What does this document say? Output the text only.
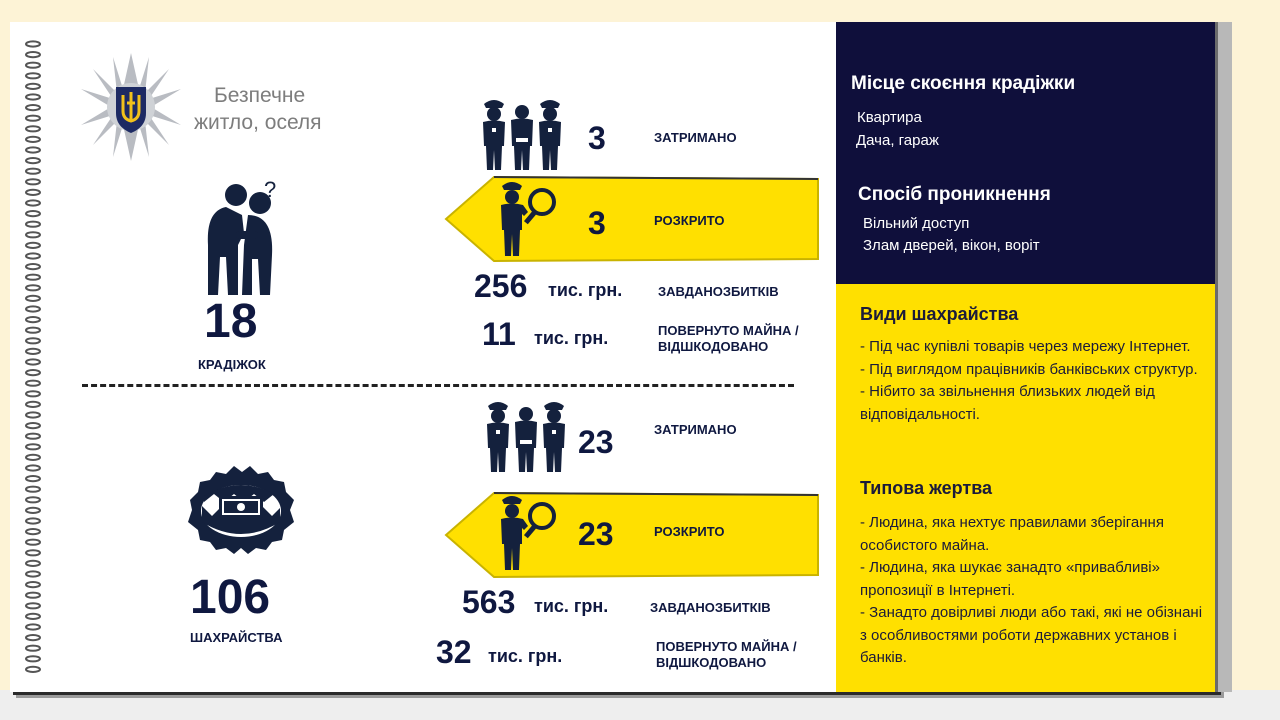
Безпечне
житло, оселя
?
18
КРАДІЖОК
3	ЗАТРИМАНО
3	РОЗКРИТО
256 тис. грн.	ЗАВДАНОЗБИТКІВ
11 тис. грн.	ПОВЕРНУТО МАЙНА /
ВІДШКОДОВАНО
106
ШАХРАЙСТВА
23	ЗАТРИМАНО
23	РОЗКРИТО
563 тис. грн.	ЗАВДАНОЗБИТКІВ
32 тис. грн.	ПОВЕРНУТО МАЙНА /
ВІДШКОДОВАНО
Місце скоєння крадіжки
Квартира
Дача, гараж
Спосіб проникнення
Вільний доступ
Злам дверей, вікон, воріт
Види шахрайства
- Під час купівлі товарів через мережу Інтернет.
- Під виглядом працівників банківських структур.
- Нібито за звільнення близьких людей від відповідальності.
Типова жертва
- Людина, яка нехтує правилами зберігання особистого майна.
- Людина, яка шукає занадто «привабливі» пропозиції в Інтернеті.
- Занадто довірливі люди або такі, які не обізнані з особливостями роботи державних установ і банків.
